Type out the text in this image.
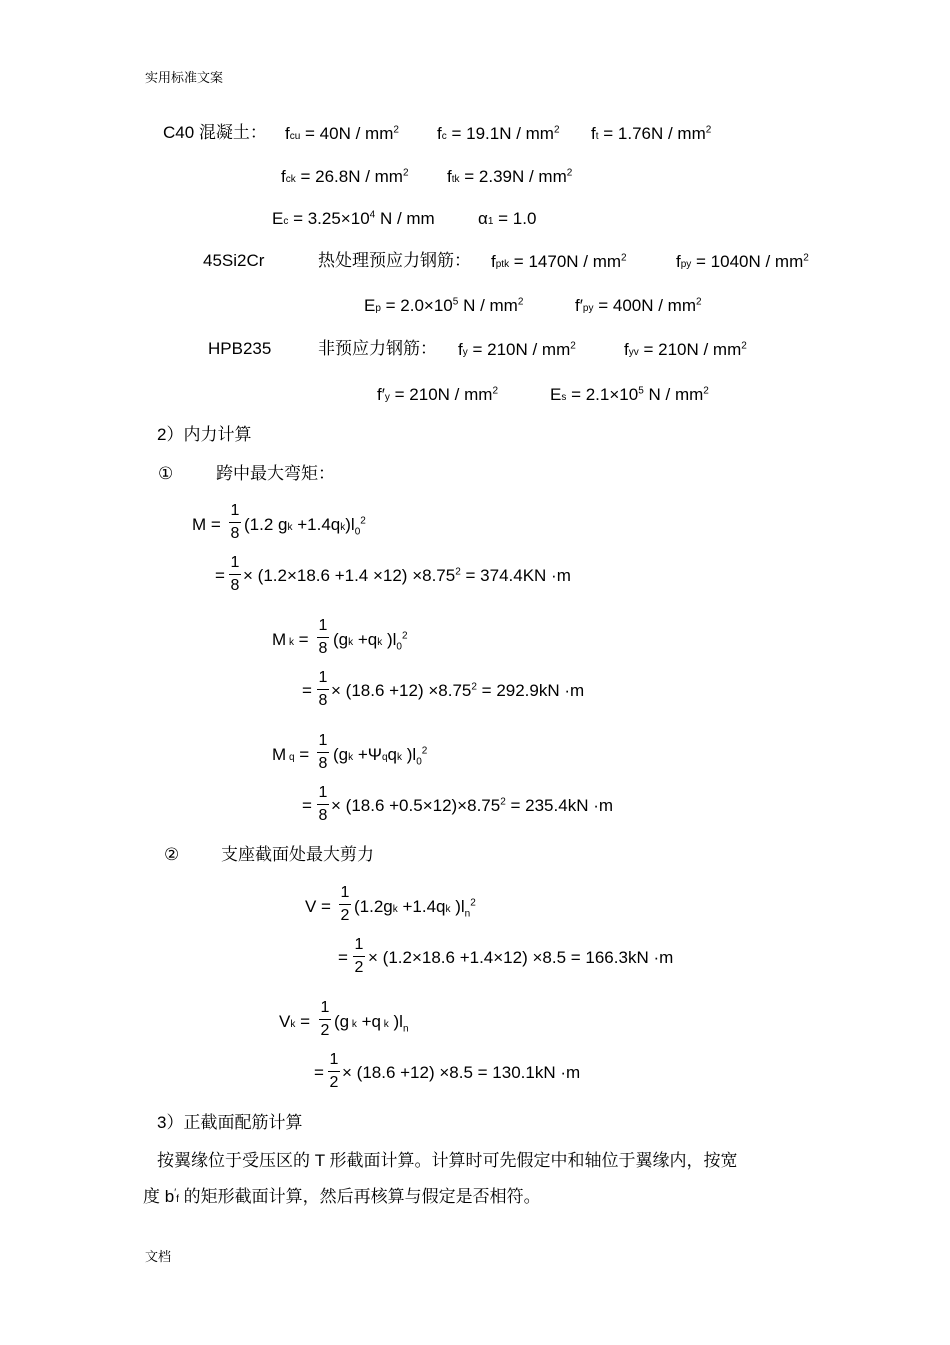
实用标准文案
文档
C40 混凝土： fcu = $40N / mm^2$ fc = $19.1N / mm^2$ ft = $1.76N / mm^2$
fck = $26.8N / mm^2$ ftk = $2.39N / mm^2$
$Ec = 3.25\times 10^4$ N / mm	α1 = 1.0
45Si2Cr	热处理预应力钢筋： fptk = $1470N / mm^2$	fpy = $1040N / mm^2$
$Ep = 2.0\times 10^5$ N / $mm^2$	$f'py = 400N / mm^2$
HPB235	非预应力钢筋： fy = $210N / mm^2$	fyv = $210N / mm^2$
$f'y = 210N / mm^2$	$Es = 2.1\times 10^5$ N / $mm^2$
2）内力计算
①	跨中最大弯矩：
M =
1
8 (1.2 gk $+1.4qk)l_0^2$
=
1
8
× $(1.2\times 18.6 +1.4 \times 12) \times 8.75^2 = 374.4KN \cdot m$
M k =
1
8 (gk +qk )$l_0^2$
=
1
8
× $(18.6 +12) \times 8.75^2 = 292.9kN \cdot m$
M q =
1
8 (gk +Ψqqk )$l_0^2$
=
1
8
× $(18.6 +0.5\times 12)\times 8.75^2 = 235.4kN \cdot m$
② 支座截面处最大剪力
V =
1
2 (1.2gk +1.4qk )$l_n^2$
=
1
2
× (1.2×18.6 +1.4×12) ×8.5 = 166.3kN ·m
Vk =
1
2 (g k +q k )$l_n$
=
1
2
× (18.6 +12) ×8.5 = 130.1kN ·m
3）正截面配筋计算
按翼缘位于受压区的 T 形截面计算。计算时可先假定中和轴位于翼缘内，按宽
度 b′f 的矩形截面计算，然后再核算与假定是否相符。
